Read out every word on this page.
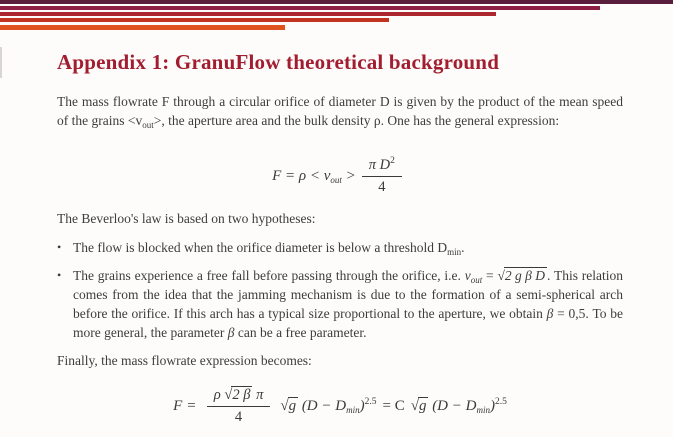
Appendix 1: GranuFlow theoretical background

The mass flowrate F through a circular orifice of diameter D is given by the product of the mean speed of the grains $<v_{out}>$, the aperture area and the bulk density ρ. One has the general expression:

$F = \rho < v_{out} > \frac{\pi D^2}{4}$

The Beverloo's law is based on two hypotheses:

• The flow is blocked when the orifice diameter is below a threshold $D_{min}$.
• The grains experience a free fall before passing through the orifice, i.e. $v_{out} = √2$ g β D . This relation comes from the idea that the jamming mechanism is due to the formation of a semi-spherical arch before the orifice. If this arch has a typical size proportional to the aperture, we obtain β = 0,5. To be more general, the parameter β can be a free parameter.

Finally, the mass flowrate expression becomes:

$F = \frac{\text{ρ √2 β π}}{4} √g$ $(D - D_{min})^{2.5} = C$ √g $(D - D_{min})^{2.5}$
